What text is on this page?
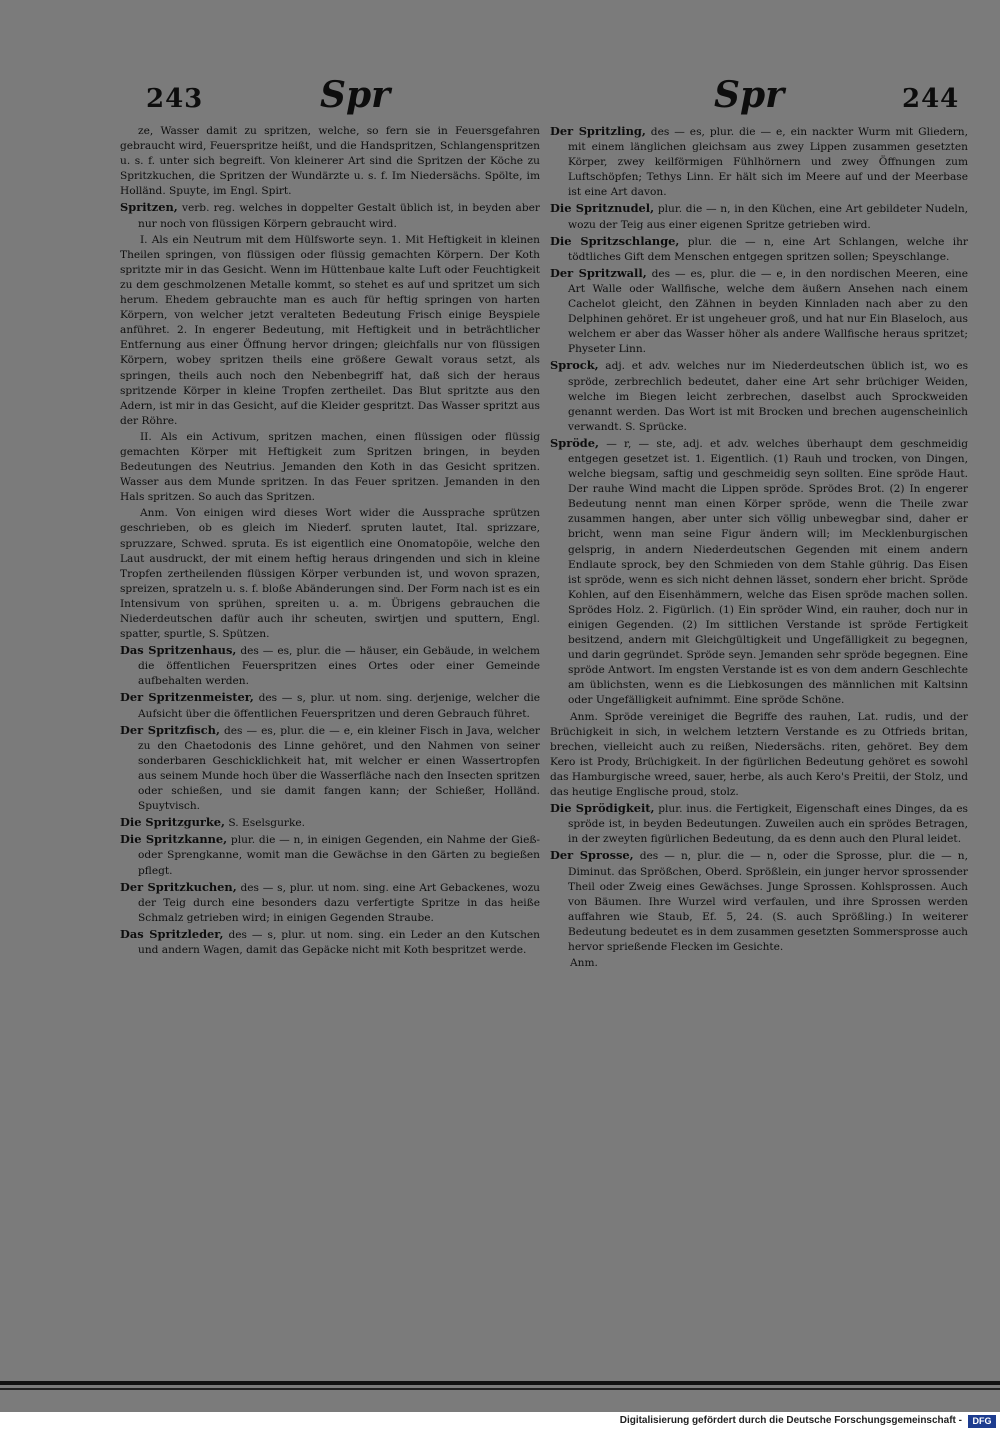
243	Spr	Spr	244

ze, Wasser damit zu spritzen, welche, so fern sie in Feuersgefahren gebraucht wird, Feuerspritze heißt, und die Handspritzen, Schlangenspritzen u. s. f. unter sich begreift. Von kleinerer Art sind die Spritzen der Köche zu Spritzkuchen, die Spritzen der Wundärzte u. s. f. Im Niedersächs. Spölte, im Holländ. Spuyte, im Engl. Spirt.

Spritzen, verb. reg. welches in doppelter Gestalt üblich ist, in beyden aber nur noch von flüssigen Körpern gebraucht wird.

I. Als ein Neutrum mit dem Hülfsworte seyn. 1. Mit Heftigkeit in kleinen Theilen springen, von flüssigen oder flüssig gemachten Körpern. Der Koth spritzte mir in das Gesicht. Wenn im Hüttenbaue kalte Luft oder Feuchtigkeit zu dem geschmolzenen Metalle kommt, so stehet es auf und spritzet um sich herum. Ehedem gebrauchte man es auch für heftig springen von harten Körpern, von welcher jetzt veralteten Bedeutung Frisch einige Beyspiele anführet. 2. In engerer Bedeutung, mit Heftigkeit und in beträchtlicher Entfernung aus einer Öffnung hervor dringen; gleichfalls nur von flüssigen Körpern, wobey spritzen theils eine größere Gewalt voraus setzt, als springen, theils auch noch den Nebenbegriff hat, daß sich der heraus spritzende Körper in kleine Tropfen zertheilet. Das Blut spritzte aus den Adern, ist mir in das Gesicht, auf die Kleider gespritzt. Das Wasser spritzt aus der Röhre.

II. Als ein Activum, spritzen machen, einen flüssigen oder flüssig gemachten Körper mit Heftigkeit zum Spritzen bringen, in beyden Bedeutungen des Neutrius. Jemanden den Koth in das Gesicht spritzen. Wasser aus dem Munde spritzen. In das Feuer spritzen. Jemanden in den Hals spritzen. So auch das Spritzen.

Anm. Von einigen wird dieses Wort wider die Aussprache sprützen geschrieben, ob es gleich im Niederf. spruten lautet, Ital. sprizzare, spruzzare, Schwed. spruta. Es ist eigentlich eine Onomatopöie, welche den Laut ausdruckt, der mit einem heftig heraus dringenden und sich in kleine Tropfen zertheilenden flüssigen Körper verbunden ist, und wovon sprazen, spreizen, spratzeln u. s. f. bloße Abänderungen sind. Der Form nach ist es ein Intensivum von sprühen, spreiten u. a. m. Übrigens gebrauchen die Niederdeutschen dafür auch ihr scheuten, swirtjen und sputtern, Engl. spatter, spurtle, S. Spützen.

Das Spritzenhaus, des — es, plur. die — häuser, ein Gebäude, in welchem die öffentlichen Feuerspritzen eines Ortes oder einer Gemeinde aufbehalten werden.

Der Spritzenmeister, des — s, plur. ut nom. sing. derjenige, welcher die Aufsicht über die öffentlichen Feuerspritzen und deren Gebrauch führet.

Der Spritzfisch, des — es, plur. die — e, ein kleiner Fisch in Java, welcher zu den Chaetodonis des Linne gehöret, und den Nahmen von seiner sonderbaren Geschicklichkeit hat, mit welcher er einen Wassertropfen aus seinem Munde hoch über die Wasserfläche nach den Insecten spritzen oder schießen, und sie damit fangen kann; der Schießer, Holländ. Spuytvisch.

Die Spritzgurke, S. Eselsgurke.

Die Spritzkanne, plur. die — n, in einigen Gegenden, ein Nahme der Gieß- oder Sprengkanne, womit man die Gewächse in den Gärten zu begießen pflegt.

Der Spritzkuchen, des — s, plur. ut nom. sing. eine Art Gebackenes, wozu der Teig durch eine besonders dazu verfertigte Spritze in das heiße Schmalz getrieben wird; in einigen Gegenden Straube.

Das Spritzleder, des — s, plur. ut nom. sing. ein Leder an den Kutschen und andern Wagen, damit das Gepäcke nicht mit Koth bespritzet werde.

Der Spritzling, des — es, plur. die — e, ein nackter Wurm mit Gliedern, mit einem länglichen gleichsam aus zwey Lippen zusammen gesetzten Körper, zwey keilförmigen Fühlhörnern und zwey Öffnungen zum Luftschöpfen; Tethys Linn. Er hält sich im Meere auf und der Meerbase ist eine Art davon.

Die Spritznudel, plur. die — n, in den Küchen, eine Art gebildeter Nudeln, wozu der Teig aus einer eigenen Spritze getrieben wird.

Die Spritzschlange, plur. die — n, eine Art Schlangen, welche ihr tödtliches Gift dem Menschen entgegen spritzen sollen; Speyschlange.

Der Spritzwall, des — es, plur. die — e, in den nordischen Meeren, eine Art Walle oder Wallfische, welche dem äußern Ansehen nach einem Cachelot gleicht, den Zähnen in beyden Kinnladen nach aber zu den Delphinen gehöret. Er ist ungeheuer groß, und hat nur Ein Blaseloch, aus welchem er aber das Wasser höher als andere Wallfische heraus spritzet; Physeter Linn.

Sprock, adj. et adv. welches nur im Niederdeutschen üblich ist, wo es spröde, zerbrechlich bedeutet, daher eine Art sehr brüchiger Weiden, welche im Biegen leicht zerbrechen, daselbst auch Sprockweiden genannt werden. Das Wort ist mit Brocken und brechen augenscheinlich verwandt. S. Sprücke.

Spröde, — r, — ste, adj. et adv. welches überhaupt dem geschmeidig entgegen gesetzet ist. 1. Eigentlich. (1) Rauh und trocken, von Dingen, welche biegsam, saftig und geschmeidig seyn sollten. Eine spröde Haut. Der rauhe Wind macht die Lippen spröde. Sprödes Brot. (2) In engerer Bedeutung nennt man einen Körper spröde, wenn die Theile zwar zusammen hangen, aber unter sich völlig unbewegbar sind, daher er bricht, wenn man seine Figur ändern will; im Mecklenburgischen gelsprig, in andern Niederdeutschen Gegenden mit einem andern Endlaute sprock, bey den Schmieden von dem Stahle gührig. Das Eisen ist spröde, wenn es sich nicht dehnen lässet, sondern eher bricht. Spröde Kohlen, auf den Eisenhämmern, welche das Eisen spröde machen sollen. Sprödes Holz. 2. Figürlich. (1) Ein spröder Wind, ein rauher, doch nur in einigen Gegenden. (2) Im sittlichen Verstande ist spröde Fertigkeit besitzend, andern mit Gleichgültigkeit und Ungefälligkeit zu begegnen, und darin gegründet. Spröde seyn. Jemanden sehr spröde begegnen. Eine spröde Antwort. Im engsten Verstande ist es von dem andern Geschlechte am üblichsten, wenn es die Liebkosungen des männlichen mit Kaltsinn oder Ungefälligkeit aufnimmt. Eine spröde Schöne.

Anm. Spröde vereiniget die Begriffe des rauhen, Lat. rudis, und der Brüchigkeit in sich, in welchem letztern Verstande es zu Otfrieds britan, brechen, vielleicht auch zu reißen, Niedersächs. riten, gehöret. Bey dem Kero ist Prody, Brüchigkeit. In der figürlichen Bedeutung gehöret es sowohl das Hamburgische wreed, sauer, herbe, als auch Kero's Preitii, der Stolz, und das heutige Englische proud, stolz.

Die Sprödigkeit, plur. inus. die Fertigkeit, Eigenschaft eines Dinges, da es spröde ist, in beyden Bedeutungen. Zuweilen auch ein sprödes Betragen, in der zweyten figürlichen Bedeutung, da es denn auch den Plural leidet.

Der Sprosse, des — n, plur. die — n, oder die Sprosse, plur. die — n, Diminut. das Sprößchen, Oberd. Sprößlein, ein junger hervor sprossender Theil oder Zweig eines Gewächses. Junge Sprossen. Kohlsprossen. Auch von Bäumen. Ihre Wurzel wird verfaulen, und ihre Sprossen werden auffahren wie Staub, Ef. 5, 24. (S. auch Sprößling.) In weiterer Bedeutung bedeutet es in dem zusammen gesetzten Sommersprosse auch hervor sprießende Flecken im Gesichte.

Anm.

Digitalisierung gefördert durch die Deutsche Forschungsgemeinschaft -	DFG
